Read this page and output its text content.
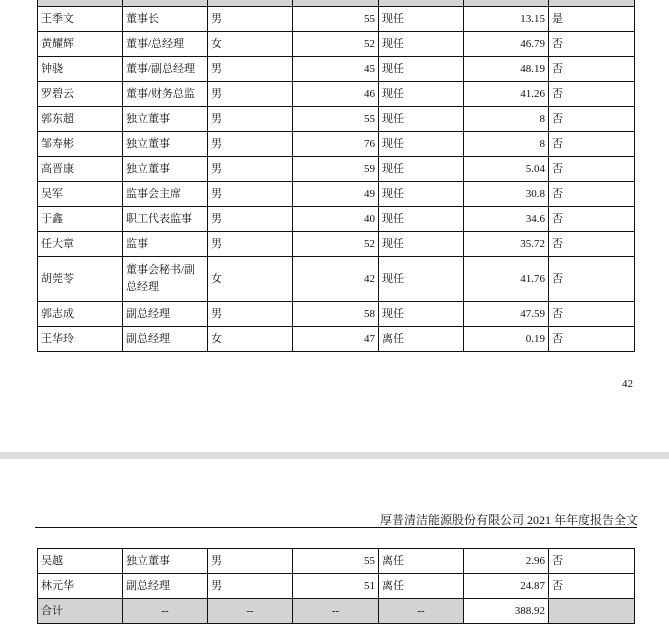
王季文	董事长	男	55	现任	13.15	是
黄耀辉	董事/总经理	女	52	现任	46.79	否
钟骁	董事/副总经理	男	45	现任	48.19	否
罗碧云	董事/财务总监	男	46	现任	41.26	否
郭东超	独立董事	男	55	现任	8	否
邹寿彬	独立董事	男	76	现任	8	否
高晋康	独立董事	男	59	现任	5.04	否
吴军	监事会主席	男	49	现任	30.8	否
于鑫	职工代表监事	男	40	现任	34.6	否
任大章	监事	男	52	现任	35.72	否
胡莞苓	董事会秘书/副总经理	女	42	现任	41.76	否
郭志成	副总经理	男	58	现任	47.59	否
王华玲	副总经理	女	47	离任	0.19	否
42
厚普清洁能源股份有限公司 2021 年年度报告全文
吴越	独立董事	男	55	离任	2.96	否
林元华	副总经理	男	51	离任	24.87	否
合计	--	--	--	--	388.92	
